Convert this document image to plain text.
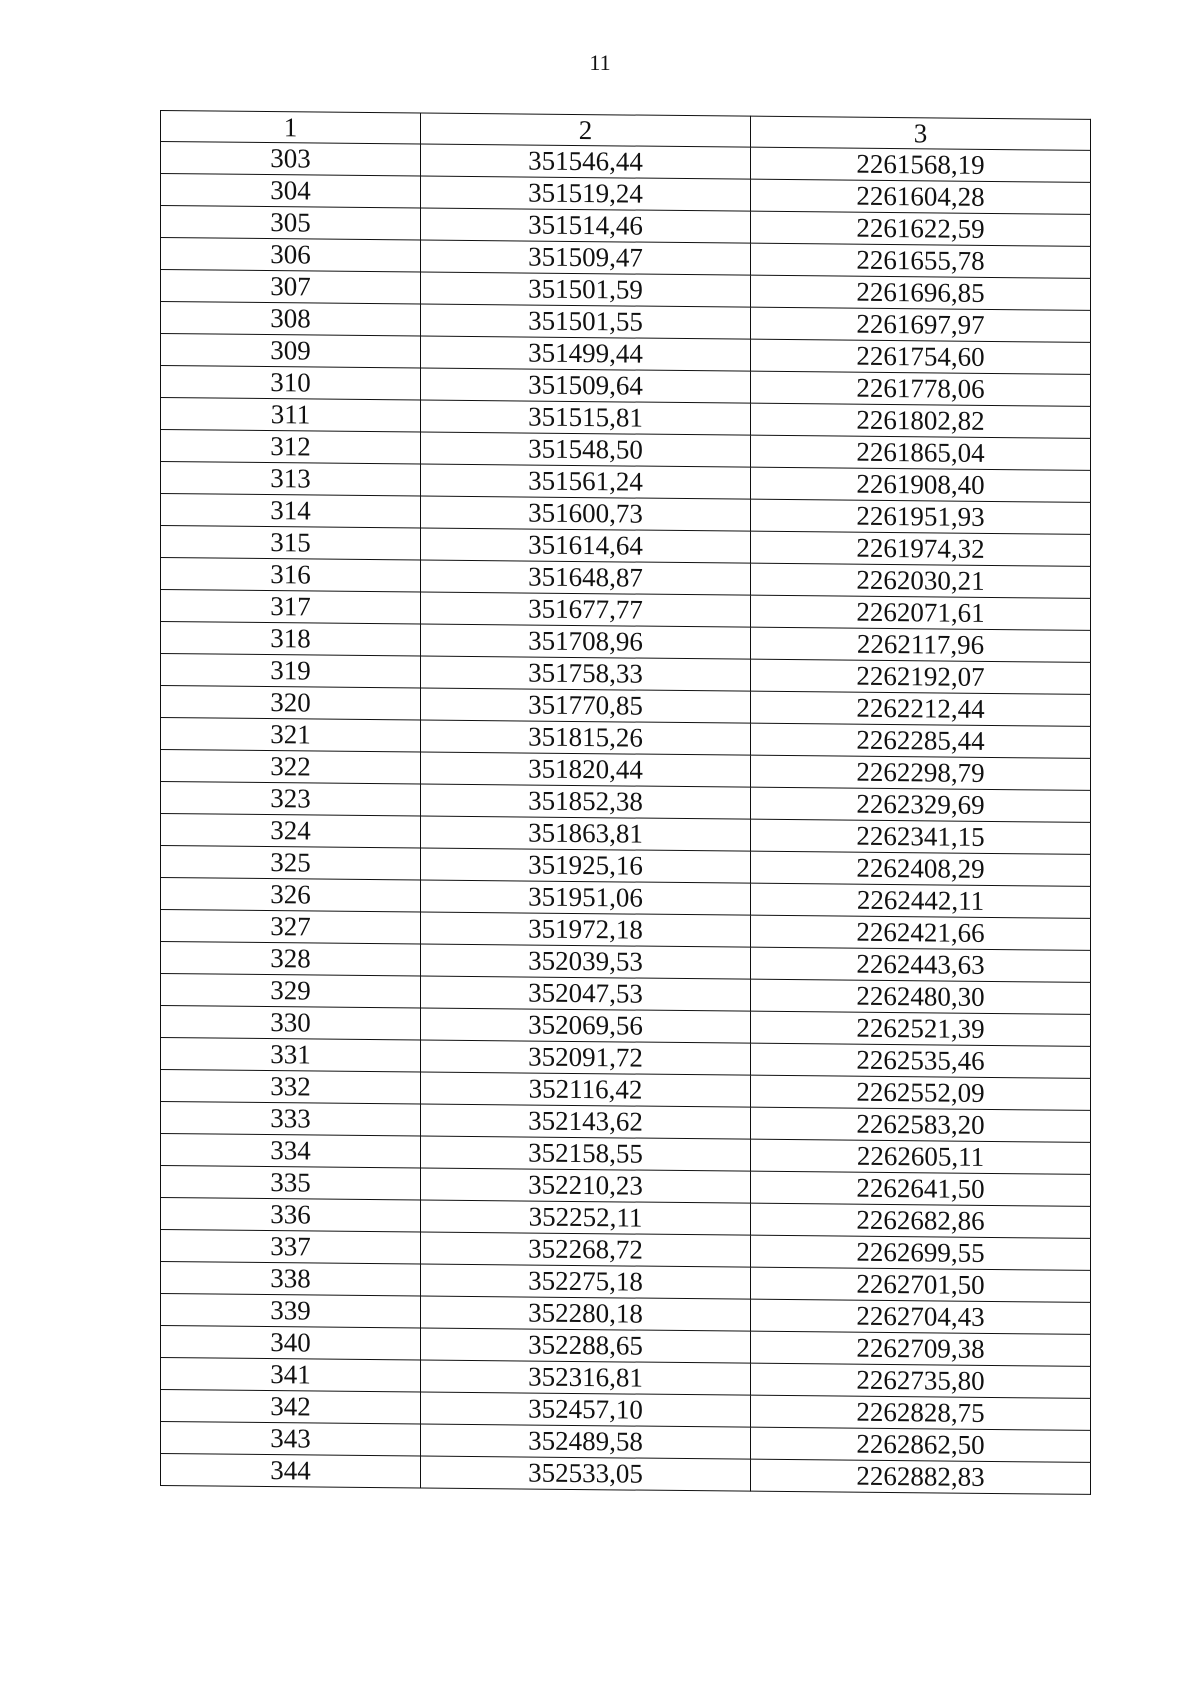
11
1	2	3
303	351546,44	2261568,19
304	351519,24	2261604,28
305	351514,46	2261622,59
306	351509,47	2261655,78
307	351501,59	2261696,85
308	351501,55	2261697,97
309	351499,44	2261754,60
310	351509,64	2261778,06
311	351515,81	2261802,82
312	351548,50	2261865,04
313	351561,24	2261908,40
314	351600,73	2261951,93
315	351614,64	2261974,32
316	351648,87	2262030,21
317	351677,77	2262071,61
318	351708,96	2262117,96
319	351758,33	2262192,07
320	351770,85	2262212,44
321	351815,26	2262285,44
322	351820,44	2262298,79
323	351852,38	2262329,69
324	351863,81	2262341,15
325	351925,16	2262408,29
326	351951,06	2262442,11
327	351972,18	2262421,66
328	352039,53	2262443,63
329	352047,53	2262480,30
330	352069,56	2262521,39
331	352091,72	2262535,46
332	352116,42	2262552,09
333	352143,62	2262583,20
334	352158,55	2262605,11
335	352210,23	2262641,50
336	352252,11	2262682,86
337	352268,72	2262699,55
338	352275,18	2262701,50
339	352280,18	2262704,43
340	352288,65	2262709,38
341	352316,81	2262735,80
342	352457,10	2262828,75
343	352489,58	2262862,50
344	352533,05	2262882,83
